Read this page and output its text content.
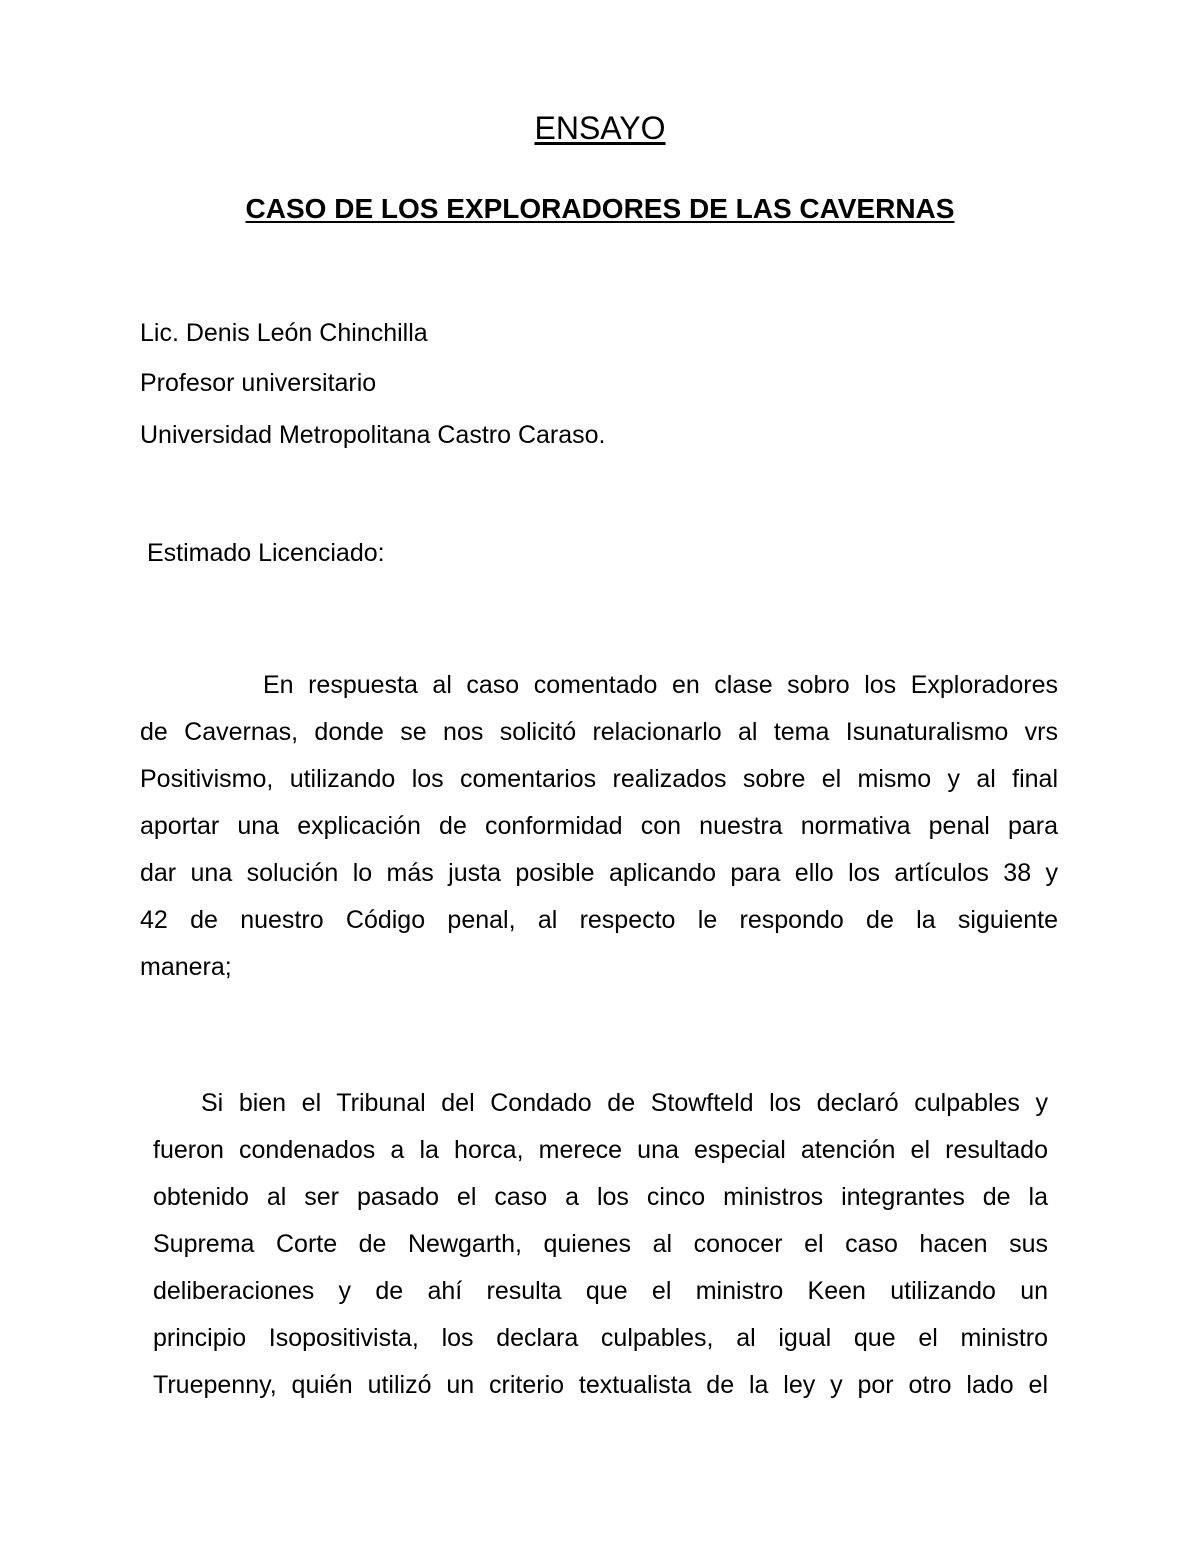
ENSAYO
CASO DE LOS EXPLORADORES DE LAS CAVERNAS
Lic. Denis León Chinchilla
Profesor universitario
Universidad Metropolitana Castro Caraso.
Estimado Licenciado:
En respuesta al caso comentado en clase sobro los Exploradores
de Cavernas, donde se nos solicitó relacionarlo al tema Isunaturalismo vrs
Positivismo, utilizando los comentarios realizados sobre el mismo y al final
aportar una explicación de conformidad con nuestra normativa penal para
dar una solución lo más justa posible aplicando para ello los artículos 38 y
42 de nuestro Código penal, al respecto le respondo de la siguiente
manera;
Si bien el Tribunal del Condado de Stowfteld los declaró culpables y
fueron condenados a la horca, merece una especial atención el resultado
obtenido al ser pasado el caso a los cinco ministros integrantes de la
Suprema Corte de Newgarth, quienes al conocer el caso hacen sus
deliberaciones y de ahí resulta que el ministro Keen utilizando un
principio Isopositivista, los declara culpables, al igual que el ministro
Truepenny, quién utilizó un criterio textualista de la ley y por otro lado el
